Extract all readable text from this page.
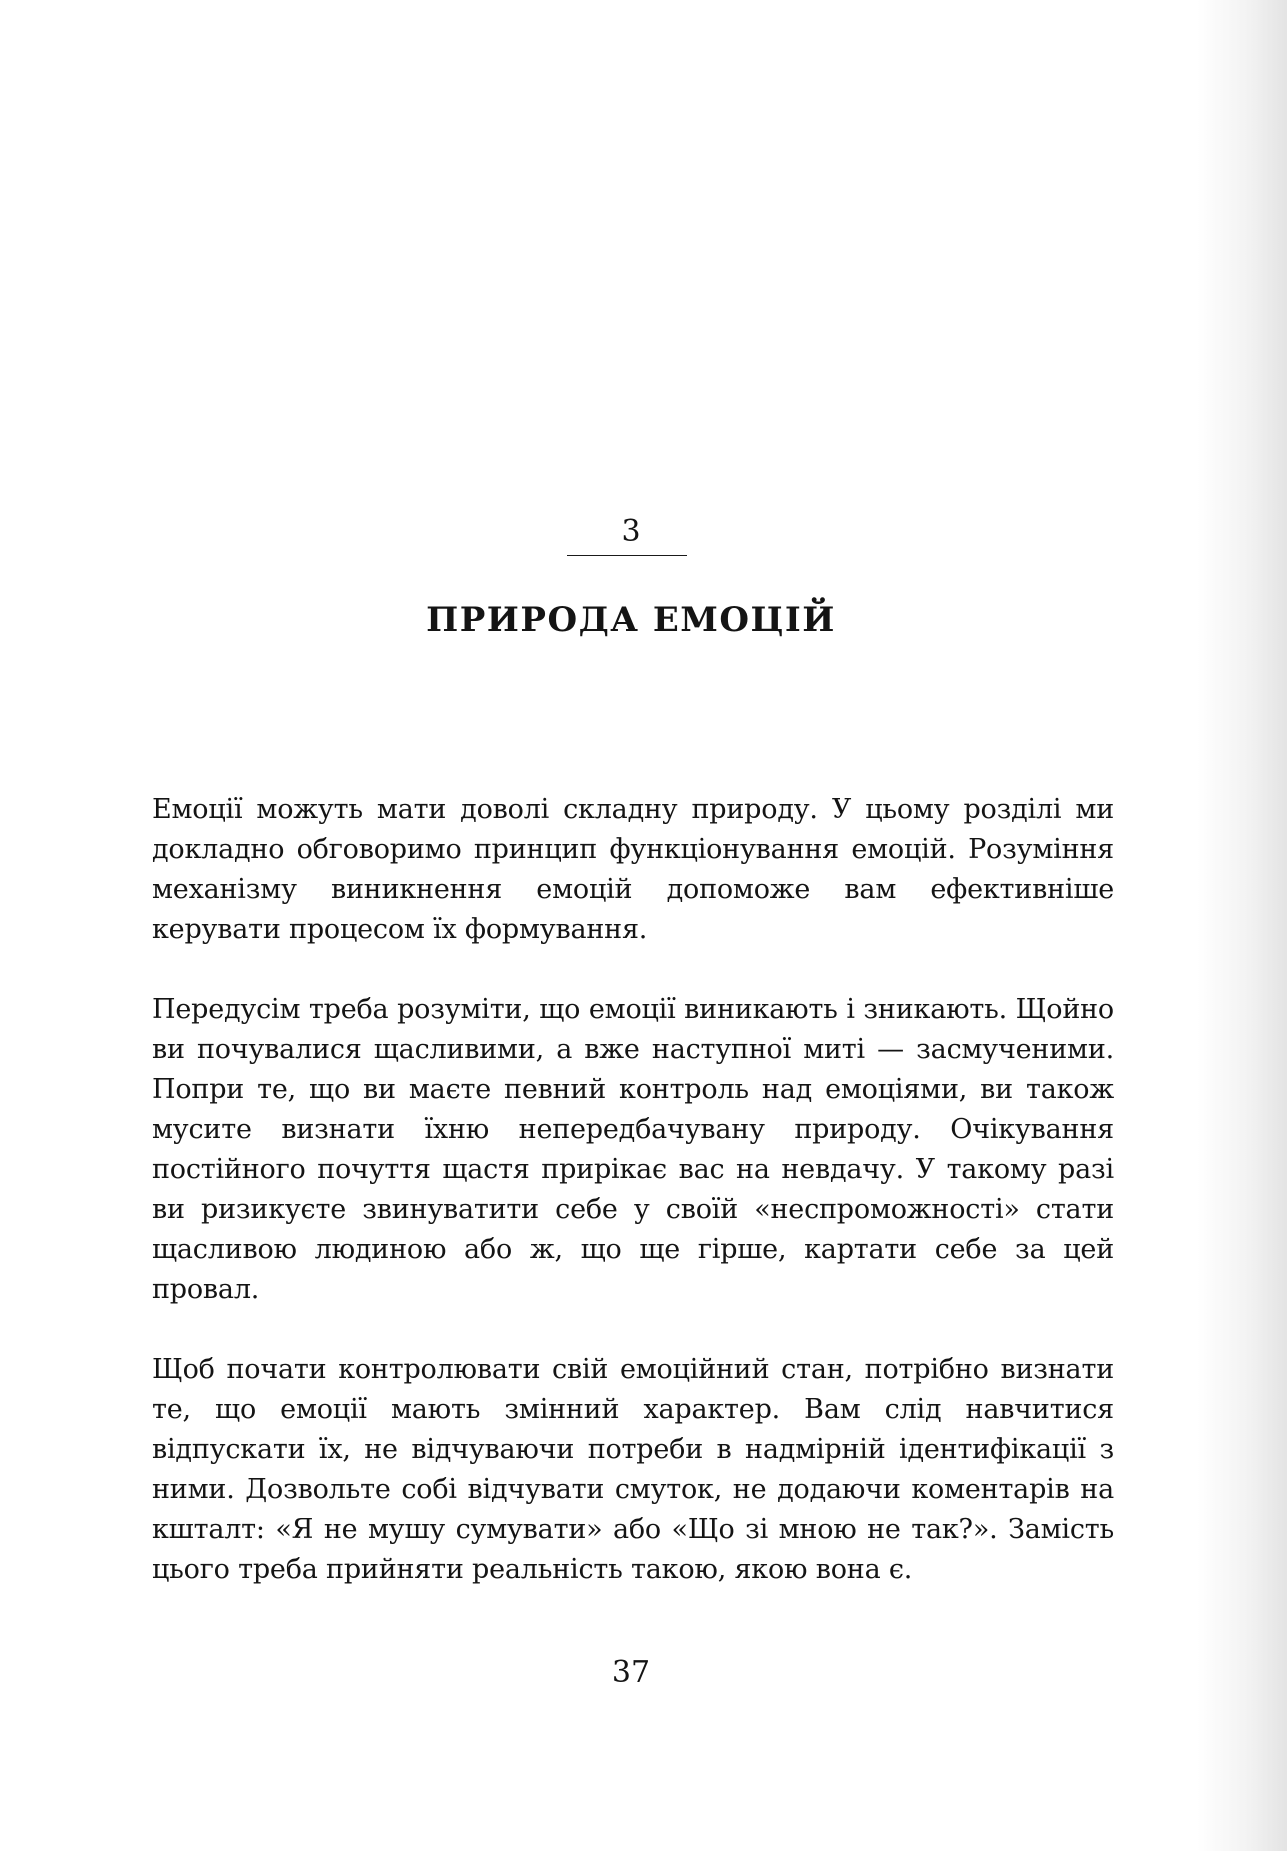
3
ПРИРОДА ЕМОЦІЙ

Емоції можуть мати доволі складну природу. У цьому розділі ми докладно обговоримо принцип функціонування емоцій. Розуміння механізму виникнення емоцій допоможе вам ефективніше керувати процесом їх формування.

Передусім треба розуміти, що емоції виникають і зникають. Щойно ви почувалися щасливими, а вже наступної миті — засмученими. Попри те, що ви маєте певний контроль над емоціями, ви також мусите визнати їхню непередбачувану природу. Очікування постійного почуття щастя прирікає вас на невдачу. У такому разі ви ризикуєте звинуватити себе у своїй «неспроможності» стати щасливою людиною або ж, що ще гірше, картати себе за цей провал.

Щоб почати контролювати свій емоційний стан, потрібно визнати те, що емоції мають змінний характер. Вам слід навчитися відпускати їх, не відчуваючи потреби в надмірній ідентифікації з ними. Дозвольте собі відчувати смуток, не додаючи коментарів на кшталт: «Я не мушу сумувати» або «Що зі мною не так?». Замість цього треба прийняти реальність такою, якою вона є.

37
